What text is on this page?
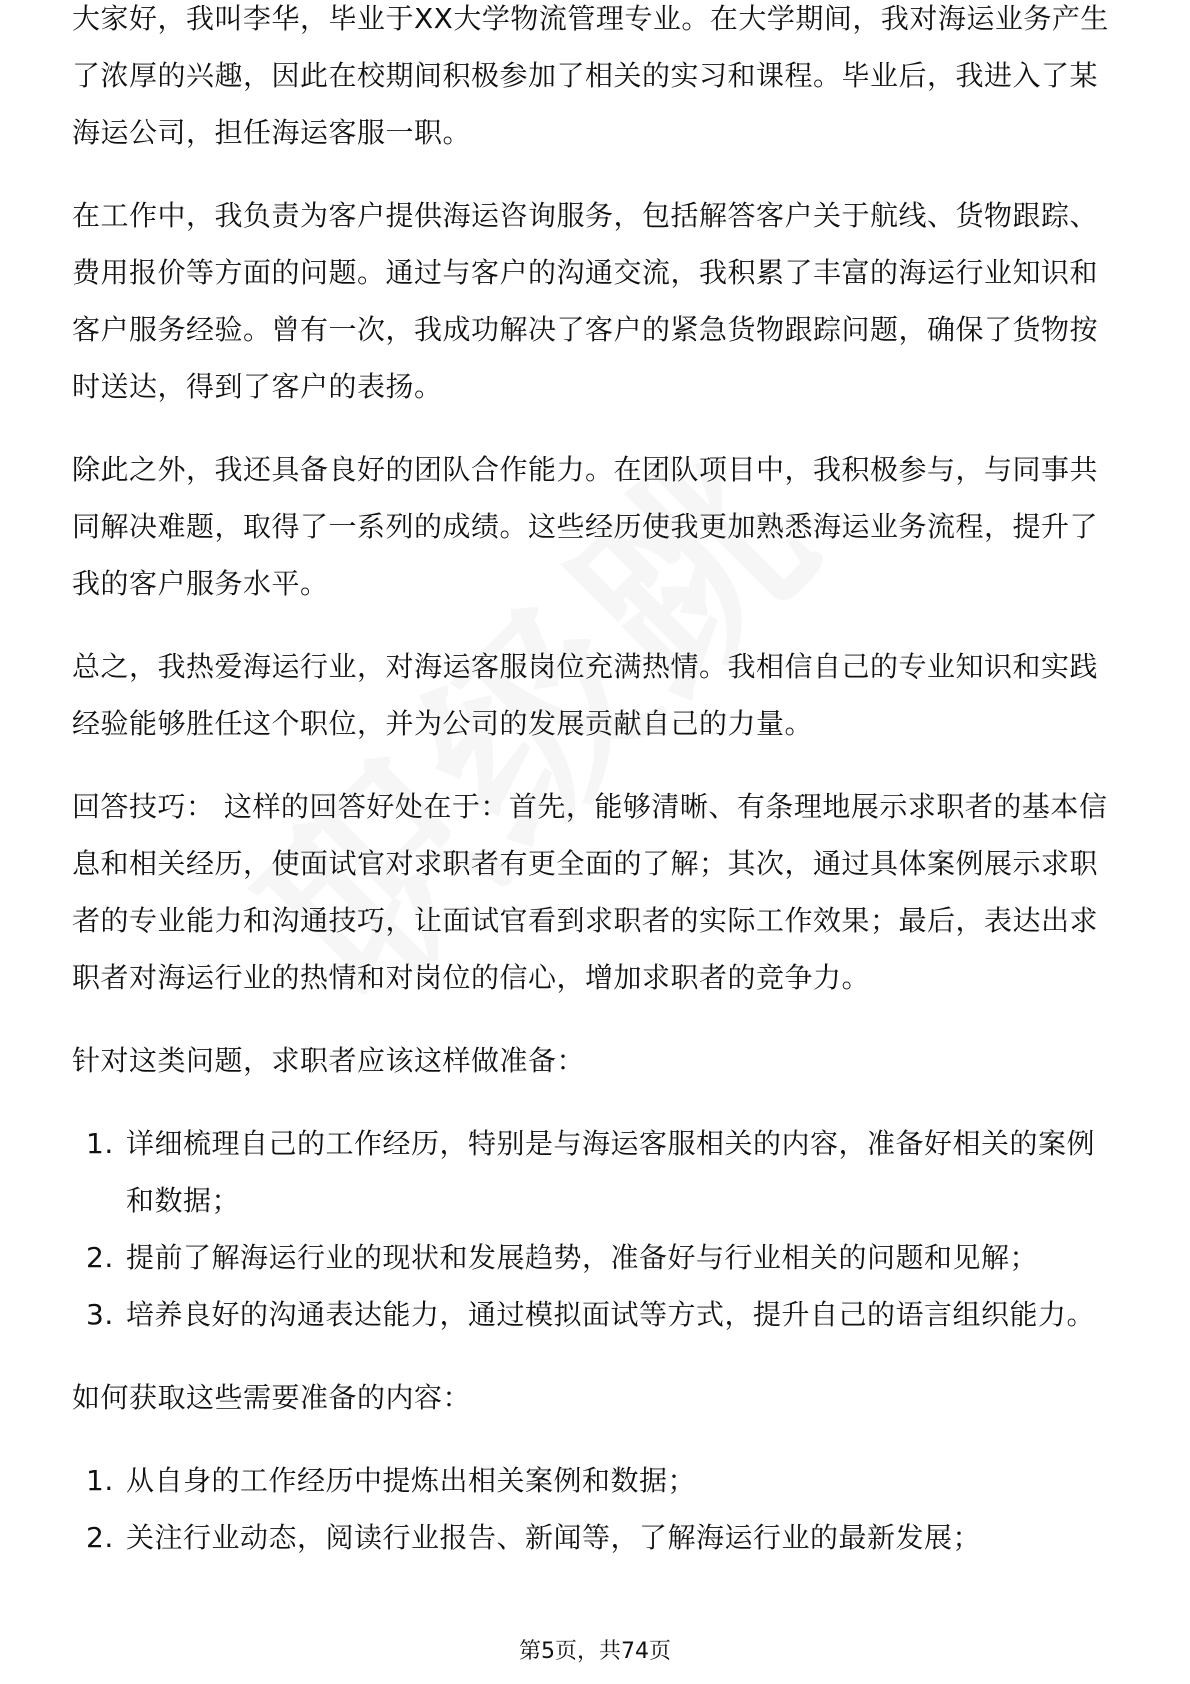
大家好，我叫李华，毕业于XX大学物流管理专业。在大学期间，我对海运业务产生了浓厚的兴趣，因此在校期间积极参加了相关的实习和课程。毕业后，我进入了某海运公司，担任海运客服一职。

在工作中，我负责为客户提供海运咨询服务，包括解答客户关于航线、货物跟踪、费用报价等方面的问题。通过与客户的沟通交流，我积累了丰富的海运行业知识和客户服务经验。曾有一次，我成功解决了客户的紧急货物跟踪问题，确保了货物按时送达，得到了客户的表扬。

除此之外，我还具备良好的团队合作能力。在团队项目中，我积极参与，与同事共同解决难题，取得了一系列的成绩。这些经历使我更加熟悉海运业务流程，提升了我的客户服务水平。

总之，我热爱海运行业，对海运客服岗位充满热情。我相信自己的专业知识和实践经验能够胜任这个职位，并为公司的发展贡献自己的力量。

回答技巧： 这样的回答好处在于：首先，能够清晰、有条理地展示求职者的基本信息和相关经历，使面试官对求职者有更全面的了解；其次，通过具体案例展示求职者的专业能力和沟通技巧，让面试官看到求职者的实际工作效果；最后，表达出求职者对海运行业的热情和对岗位的信心，增加求职者的竞争力。

针对这类问题，求职者应该这样做准备：

1. 详细梳理自己的工作经历，特别是与海运客服相关的内容，准备好相关的案例和数据；
2. 提前了解海运行业的现状和发展趋势，准备好与行业相关的问题和见解；
3. 培养良好的沟通表达能力，通过模拟面试等方式，提升自己的语言组织能力。

如何获取这些需要准备的内容：

1. 从自身的工作经历中提炼出相关案例和数据；
2. 关注行业动态，阅读行业报告、新闻等，了解海运行业的最新发展；
第5页，共74页
